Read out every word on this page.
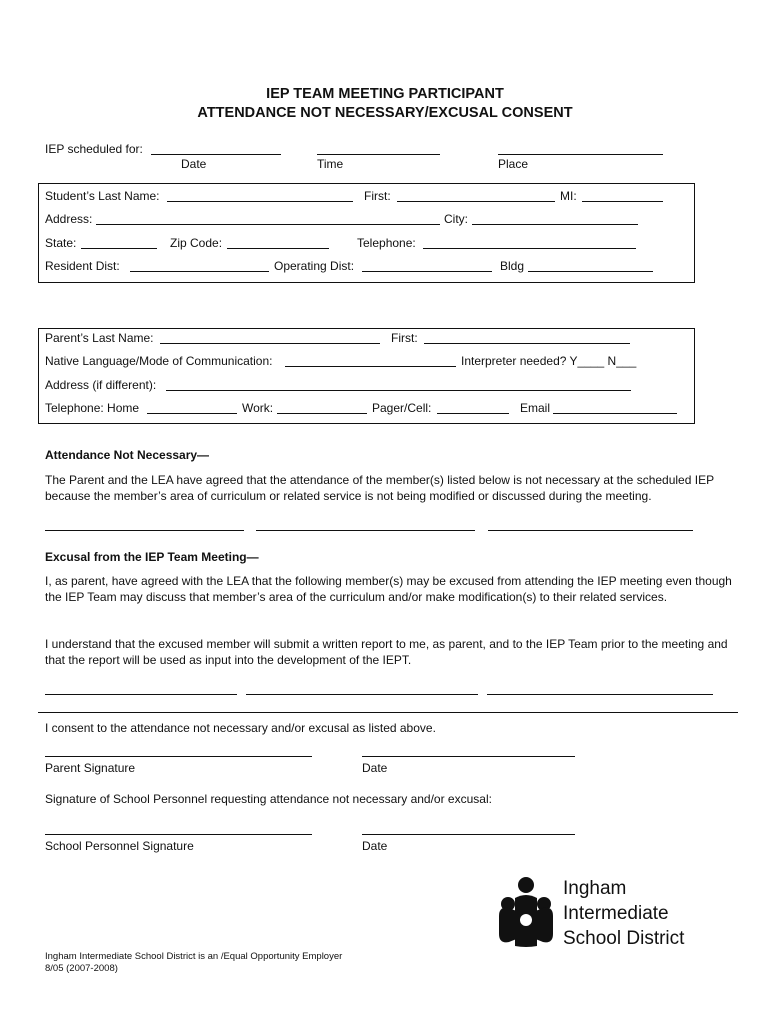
IEP TEAM MEETING PARTICIPANT
ATTENDANCE NOT NECESSARY/EXCUSAL CONSENT
IEP scheduled for:
Date	Time	Place
Student’s Last Name:	First:	MI:
Address:	City:
State:	Zip Code:	Telephone:
Resident Dist:	Operating Dist:	Bldg
Parent’s Last Name:	First:
Native Language/Mode of Communication:	Interpreter needed? Y____ N___
Address (if different):
Telephone: Home	Work:	Pager/Cell:	Email
Attendance Not Necessary—
The Parent and the LEA have agreed that the attendance of the member(s) listed below is not necessary at the scheduled IEP because the member’s area of curriculum or related service is not being modified or discussed during the meeting.
Excusal from the IEP Team Meeting—
I, as parent, have agreed with the LEA that the following member(s) may be excused from attending the IEP meeting even though the IEP Team may discuss that member’s area of the curriculum and/or make modification(s) to their related services.
I understand that the excused member will submit a written report to me, as parent, and to the IEP Team prior to the meeting and that the report will be used as input into the development of the IEPT.
I consent to the attendance not necessary and/or excusal as listed above.
Parent Signature	Date
Signature of School Personnel requesting attendance not necessary and/or excusal:
School Personnel Signature	Date
Ingham
Intermediate
School District
Ingham Intermediate School District is an /Equal Opportunity Employer
8/05 (2007-2008)
